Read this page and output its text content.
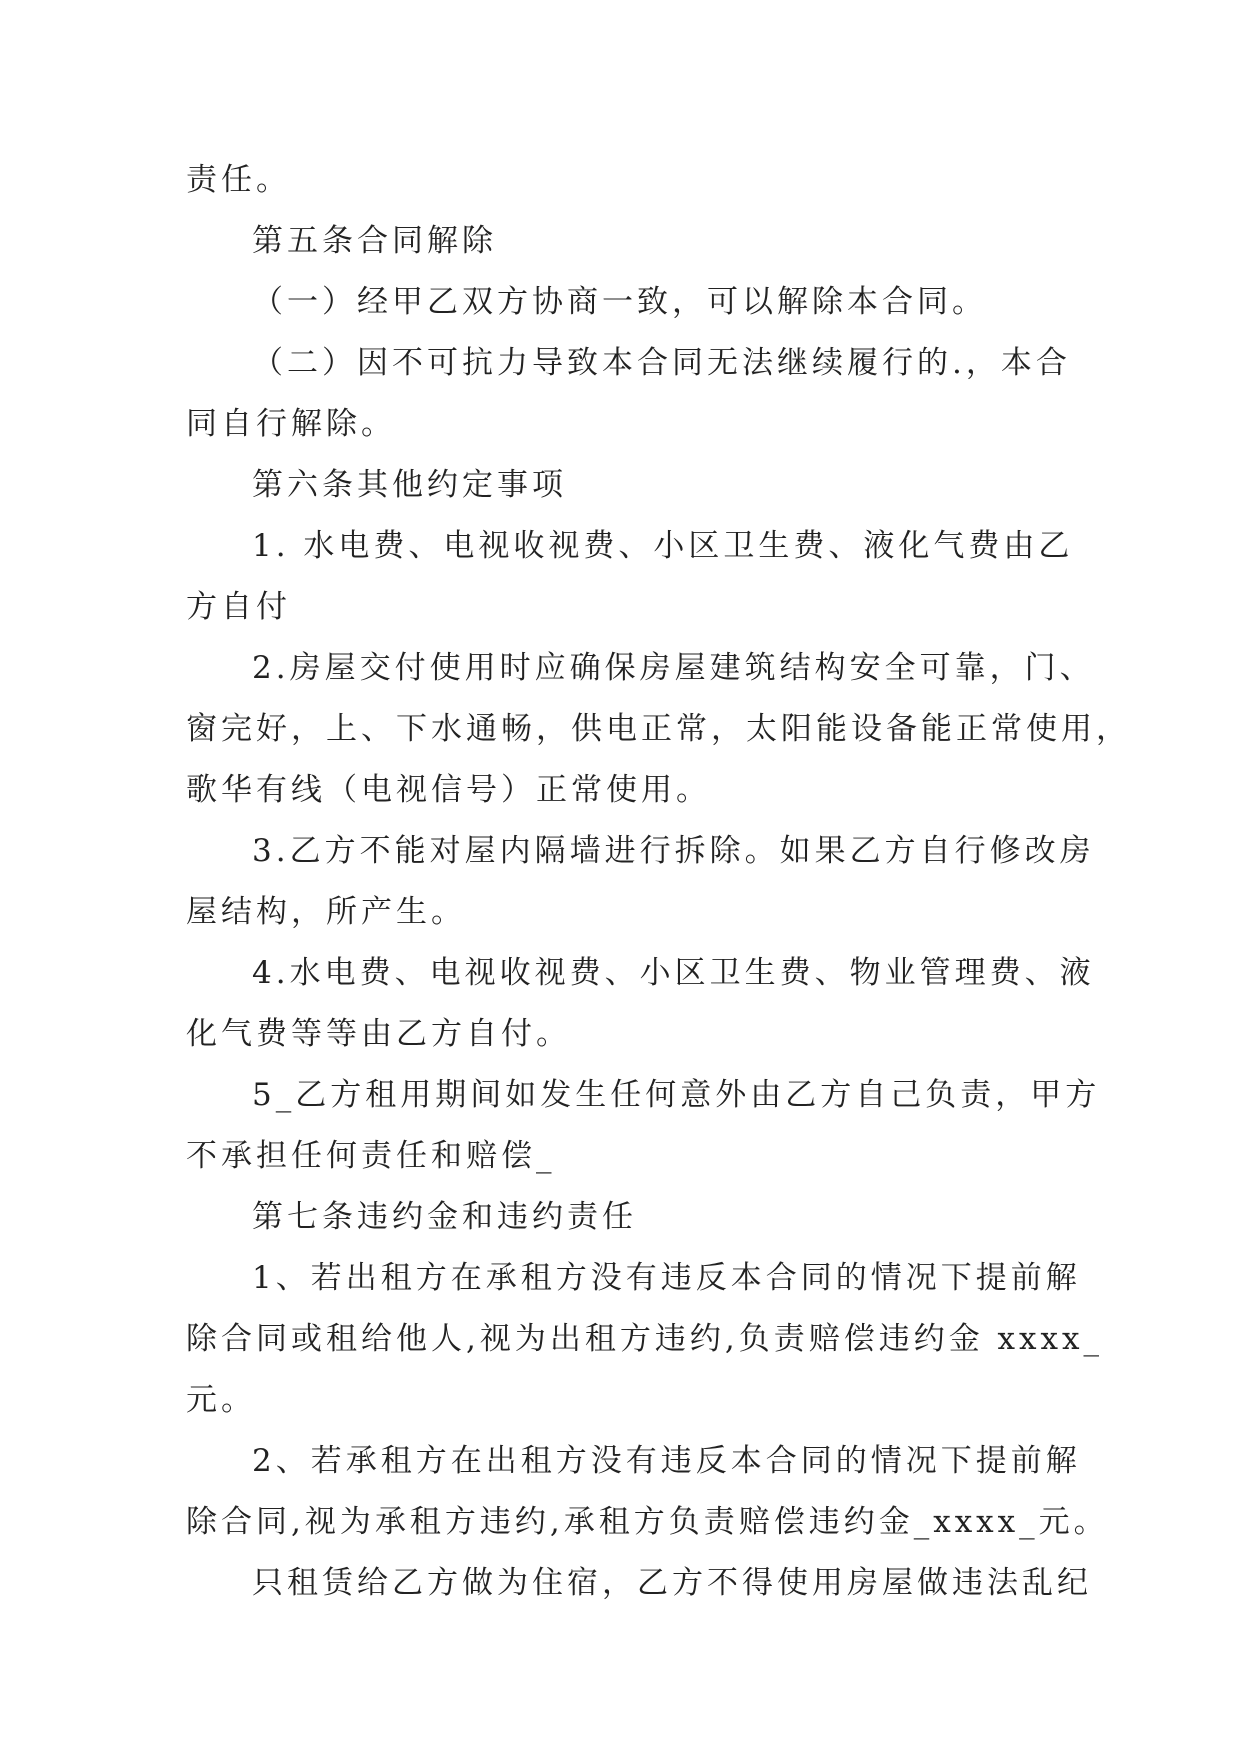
责任。
第五条合同解除
（一）经甲乙双方协商一致，可以解除本合同。
（二）因不可抗力导致本合同无法继续履行的.，本合
同自行解除。
第六条其他约定事项
1. 水电费、电视收视费、小区卫生费、液化气费由乙
方自付
2.房屋交付使用时应确保房屋建筑结构安全可靠，门、
窗完好，上、下水通畅，供电正常，太阳能设备能正常使用，
歌华有线（电视信号）正常使用。
3.乙方不能对屋内隔墙进行拆除。如果乙方自行修改房
屋结构，所产生。
4.水电费、电视收视费、小区卫生费、物业管理费、液
化气费等等由乙方自付。
5_乙方租用期间如发生任何意外由乙方自己负责，甲方
不承担任何责任和赔偿_
第七条违约金和违约责任
1、若出租方在承租方没有违反本合同的情况下提前解
除合同或租给他人,视为出租方违约,负责赔偿违约金 xxxx_
元。
2、若承租方在出租方没有违反本合同的情况下提前解
除合同,视为承租方违约,承租方负责赔偿违约金_xxxx_元。
只租赁给乙方做为住宿，乙方不得使用房屋做违法乱纪
